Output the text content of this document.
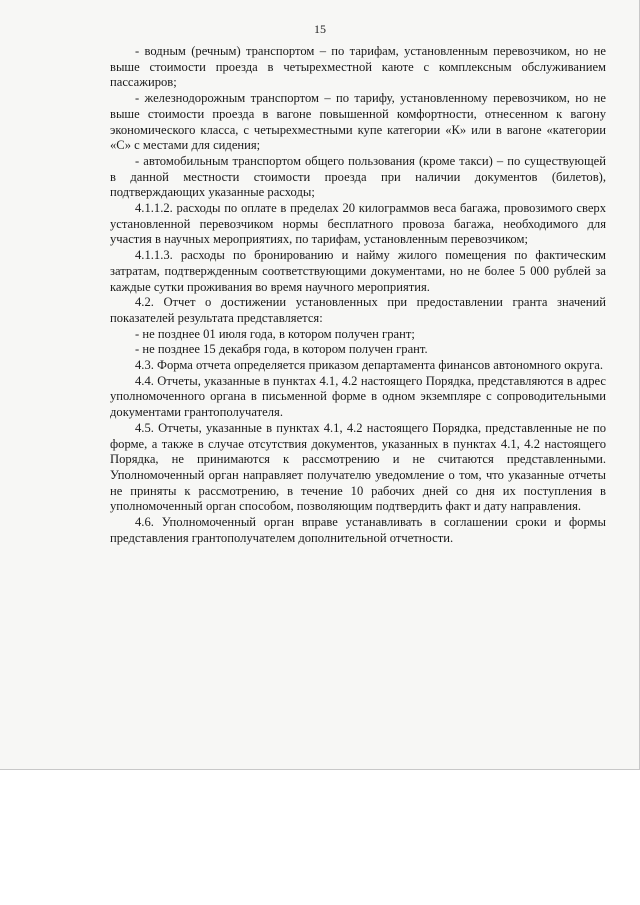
15

- водным (речным) транспортом – по тарифам, установленным перевозчиком, но не выше стоимости проезда в четырехместной каюте с комплексным обслуживанием пассажиров;

- железнодорожным транспортом – по тарифу, установленному перевозчиком, но не выше стоимости проезда в вагоне повышенной комфортности, отнесенном к вагону экономического класса, с четырехместными купе категории «К» или в вагоне «категории «С» с местами для сидения;

- автомобильным транспортом общего пользования (кроме такси) – по существующей в данной местности стоимости проезда при наличии документов (билетов), подтверждающих указанные расходы;

4.1.1.2. расходы по оплате в пределах 20 килограммов веса багажа, провозимого сверх установленной перевозчиком нормы бесплатного провоза багажа, необходимого для участия в научных мероприятиях, по тарифам, установленным перевозчиком;

4.1.1.3. расходы по бронированию и найму жилого помещения по фактическим затратам, подтвержденным соответствующими документами, но не более 5 000 рублей за каждые сутки проживания во время научного мероприятия.

4.2. Отчет о достижении установленных при предоставлении гранта значений показателей результата представляется:

- не позднее 01 июля года, в котором получен грант;

- не позднее 15 декабря года, в котором получен грант.

4.3. Форма отчета определяется приказом департамента финансов автономного округа.

4.4. Отчеты, указанные в пунктах 4.1, 4.2 настоящего Порядка, представляются в адрес уполномоченного органа в письменной форме в одном экземпляре с сопроводительными документами грантополучателя.

4.5. Отчеты, указанные в пунктах 4.1, 4.2 настоящего Порядка, представленные не по форме, а также в случае отсутствия документов, указанных в пунктах 4.1, 4.2 настоящего Порядка, не принимаются к рассмотрению и не считаются представленными. Уполномоченный орган направляет получателю уведомление о том, что указанные отчеты не приняты к рассмотрению, в течение 10 рабочих дней со дня их поступления в уполномоченный орган способом, позволяющим подтвердить факт и дату направления.

4.6. Уполномоченный орган вправе устанавливать в соглашении сроки и формы представления грантополучателем дополнительной отчетности.
